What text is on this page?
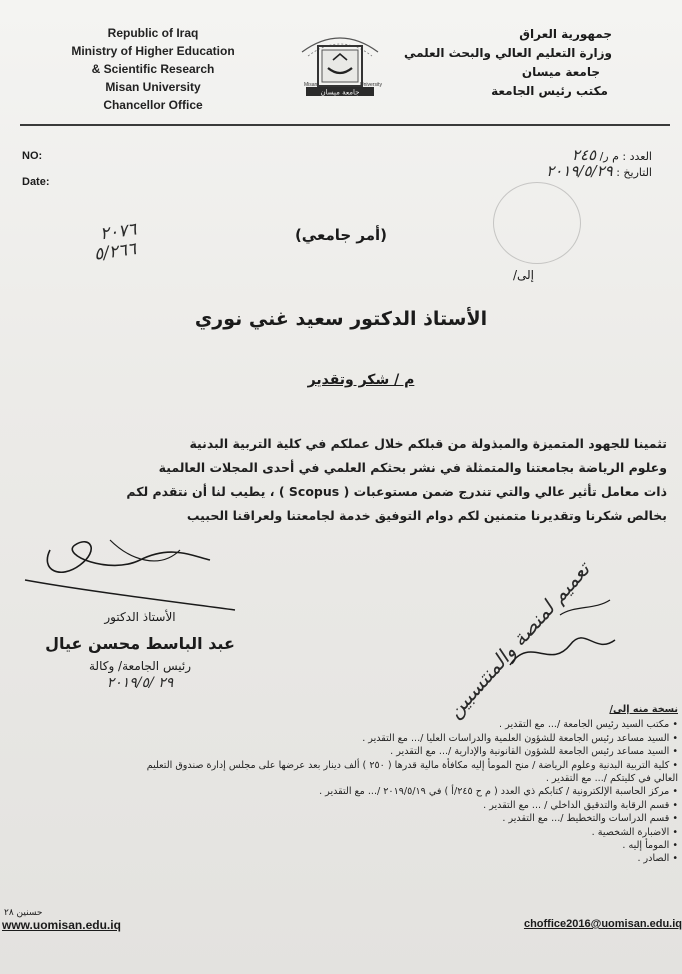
Republic of Iraq
Ministry of Higher Education
& Scientific Research
Misan University
Chancellor Office
جامعة ميسان
Misan	University
جمهورية العراق
وزارة التعليم العالي والبحث العلمي
جامعة ميسان
مكتب رئيس الجامعة
NO:
Date:
العدد : م ر/ ٢٤٥
التاريخ : ٢٠١٩/٥/٢٩
٢٠٧٦
٥/٢٦٦
(أمر جامعي)
إلى/
الأستاذ الدكتور سعيد غني نوري
م / شكر وتقدير
تثمينا للجهود المتميزة والمبذولة من قبلكم خلال عملكم في كلية التربية البدنية
وعلوم الرياضة بجامعتنا والمتمثلة في نشر بحثكم العلمي في أحدى المجلات العالمية
ذات معامل تأثير عالي والتي تندرج ضمن مستوعبات ( Scopus ) ، يطيب لنا أن نتقدم لكم
بخالص شكرنا وتقديرنا متمنين لكم دوام التوفيق خدمة لجامعتنا ولعراقنا الحبيب
الأستاذ الدكتور
عبد الباسط محسن عيال
رئيس الجامعة/ وكالة
٢٩ /٢٠١٩/٥	تعميم لمنصة والمنتسبين	نسخة منه إلى/
• مكتب السيد رئيس الجامعة /... مع التقدير .
• السيد مساعد رئيس الجامعة للشؤون العلمية والدراسات العليا /... مع التقدير .
• السيد مساعد رئيس الجامعة للشؤون القانونية والإدارية /... مع التقدير .
• كلية التربية البدنية وعلوم الرياضة / منح المومأ إليه مكافأة مالية قدرها ( ٢٥٠ ) ألف دينار بعد عرضها على مجلس إدارة صندوق التعليم
العالي في كليتكم /... مع التقدير .
• مركز الحاسبة الإلكترونية / كتابكم ذي العدد ( م ح ٢٤٥/أ ) في ٢٠١٩/٥/١٩ /... مع التقدير .
• قسم الرقابة والتدقيق الداخلي / ... مع التقدير .
• قسم الدراسات والتخطيط /... مع التقدير .
• الاضبارة الشخصية .
• المومأ إليه .
• الصادر .
حسنين ٢٨
www.uomisan.edu.iq	choffice2016@uomisan.edu.iq
